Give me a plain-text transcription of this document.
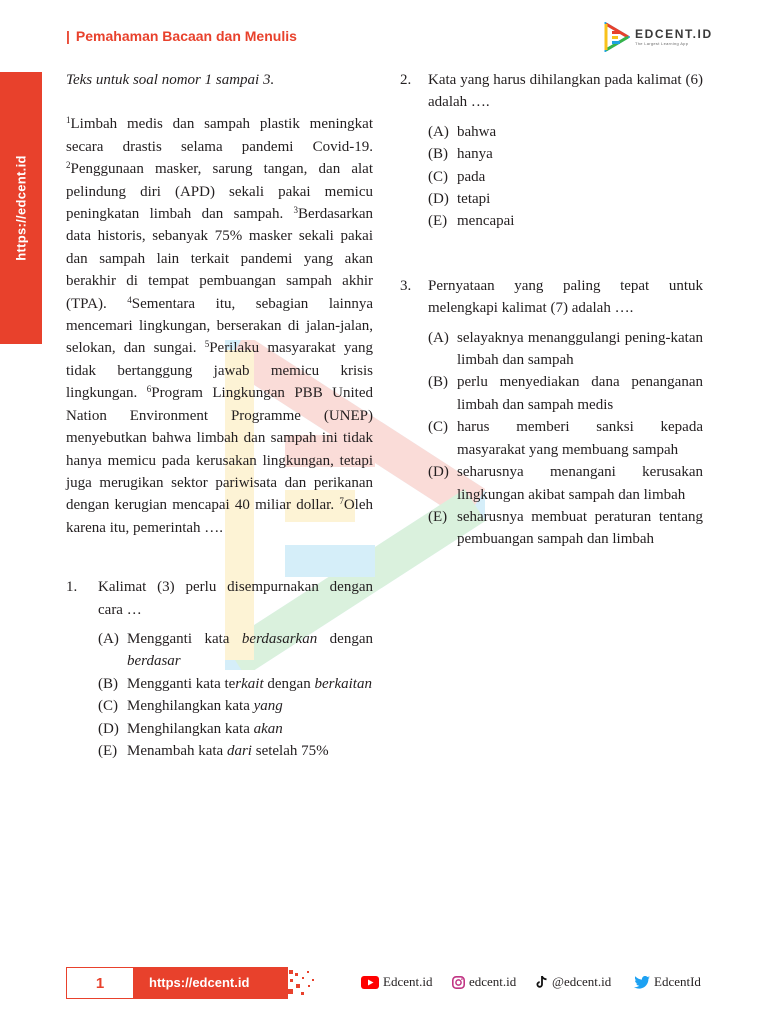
| Pemahaman Bacaan dan Menulis	EDCENT.ID
The Largest Learning App
https://edcent.id

Teks untuk soal nomor 1 sampai 3.

$^1$Limbah medis dan sampah plastik meningkat secara drastis selama pandemi Covid-19. $^2$Penggunaan masker, sarung tangan, dan alat pelindung diri (APD) sekali pakai memicu peningkatan limbah dan sampah. $^3$Berdasarkan data historis, sebanyak 75% masker sekali pakai dan sampah lain terkait pandemi yang akan berakhir di tempat pembuangan sampah akhir (TPA). $^4$Sementara itu, sebagian lainnya mencemari lingkungan, berserakan di jalan-jalan, selokan, dan sungai. $^5$Perilaku masyarakat yang tidak bertanggung jawab memicu krisis lingkungan. $^6$Program Lingkungan PBB United Nation Environment Programme (UNEP) menyebutkan bahwa limbah dan sampah ini tidak hanya memicu pada kerusakan lingkungan, tetapi juga merugikan sektor pariwisata dan perikanan dengan kerugian mencapai 40 miliar dollar. $^7$Oleh karena itu, pemerintah ….

1.	Kalimat (3) perlu disempurnakan dengan cara …
(A) Mengganti kata berdasarkan dengan berdasar
(B) Mengganti kata terkait dengan berkaitan
(C) Menghilangkan kata yang
(D) Menghilangkan kata akan
(E) Menambah kata dari setelah 75%
2.	Kata yang harus dihilangkan pada kalimat (6) adalah ….
(A) bahwa
(B) hanya
(C) pada
(D) tetapi
(E) mencapai
3.	Pernyataan yang paling tepat untuk melengkapi kalimat (7) adalah ….
(A) selayaknya menanggulangi pening-katan limbah dan sampah
(B) perlu menyediakan dana penanganan limbah dan sampah medis
(C) harus memberi sanksi kepada masyarakat yang membuang sampah
(D) seharusnya menangani kerusakan lingkungan akibat sampah dan limbah
(E) seharusnya membuat peraturan tentang pembuangan sampah dan limbah
1	https://edcent.id	Edcent.id	edcent.id	@edcent.id	EdcentId
